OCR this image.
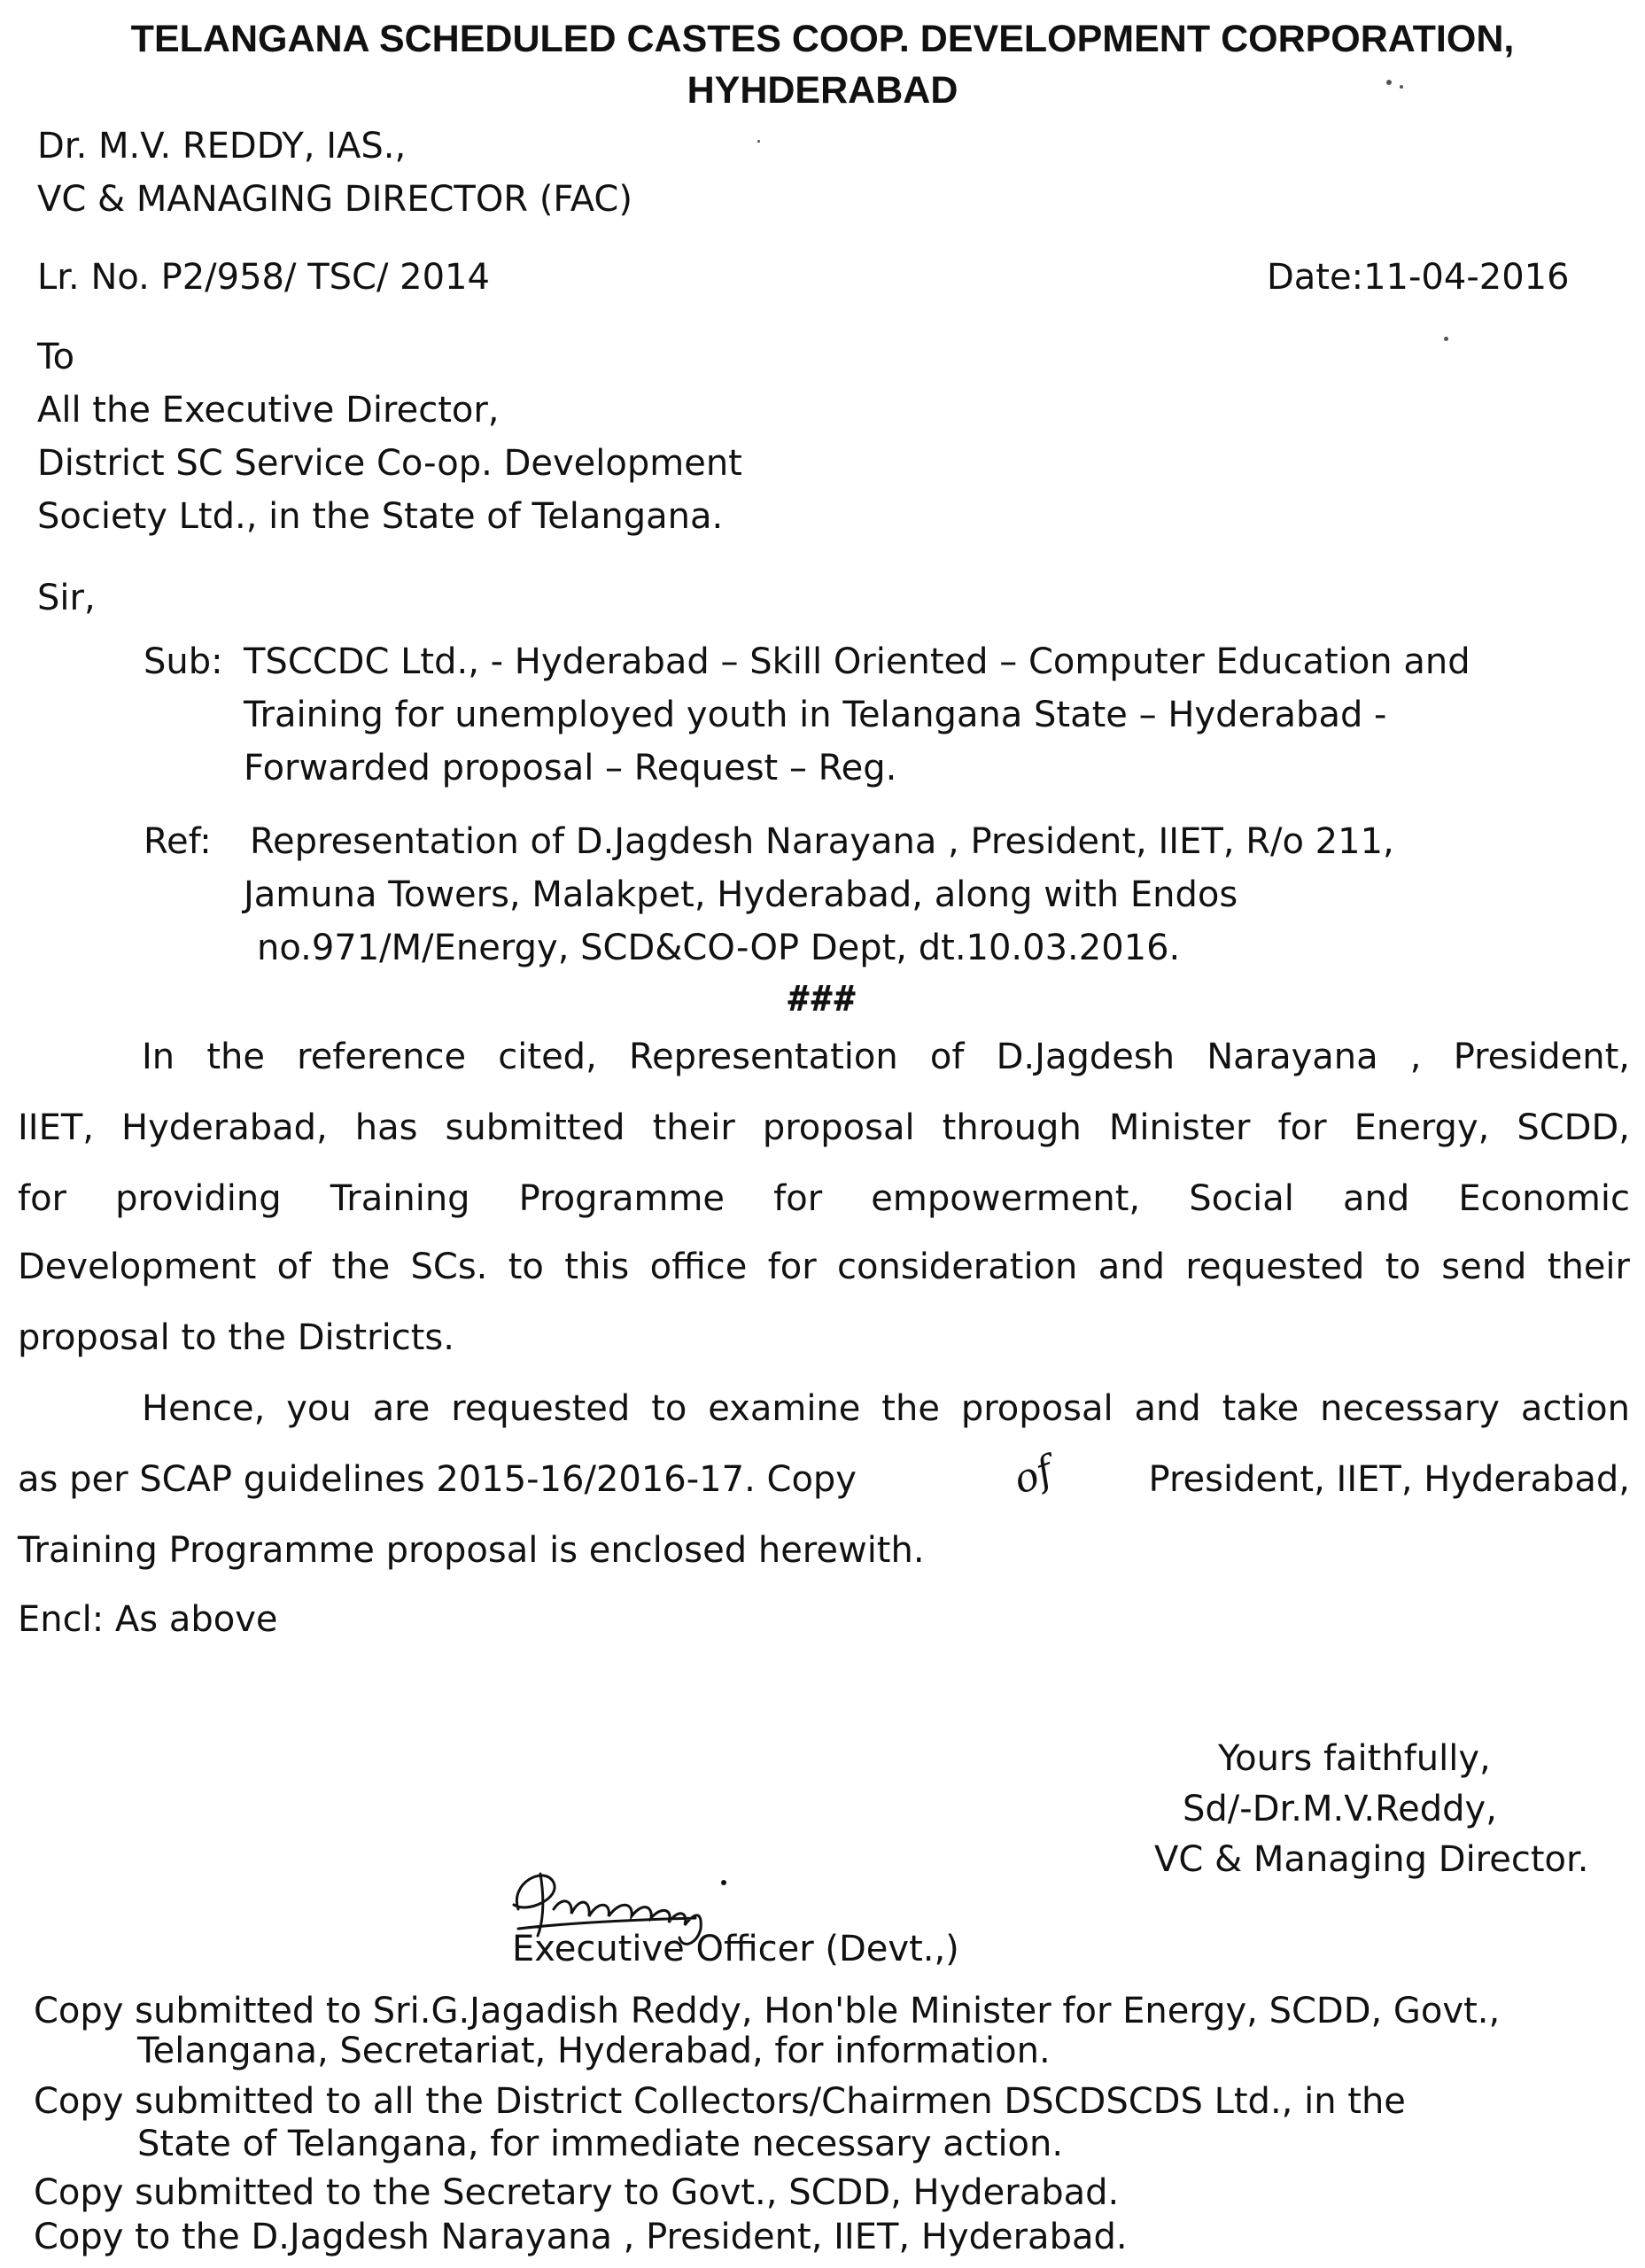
TELANGANA SCHEDULED CASTES COOP. DEVELOPMENT CORPORATION,
HYHDERABAD
Dr. M.V. REDDY, IAS.,
VC & MANAGING DIRECTOR (FAC)
Lr. No. P2/958/ TSC/ 2014	Date:11-04-2016
To
All the Executive Director,
District SC Service Co-op. Development
Society Ltd., in the State of Telangana.
Sir,
Sub: TSCCDC Ltd., - Hyderabad – Skill Oriented – Computer Education and
Training for unemployed youth in Telangana State – Hyderabad -
Forwarded proposal – Request – Reg.
Ref: Representation of D.Jagdesh Narayana , President, IIET, R/o 211,
Jamuna Towers, Malakpet, Hyderabad, along with Endos
no.971/M/Energy, SCD&CO-OP Dept, dt.10.03.2016.
###
In the reference cited, Representation of D.Jagdesh Narayana , President,
IIET, Hyderabad, has submitted their proposal through Minister for Energy, SCDD,
for providing Training Programme for empowerment, Social and Economic
Development of the SCs. to this office for consideration and requested to send their
proposal to the Districts.
Hence, you are requested to examine the proposal and take necessary action
as per SCAP guidelines 2015-16/2016-17. Copy	of	President, IIET, Hyderabad,
Training Programme proposal is enclosed herewith.
Encl: As above
Yours faithfully,
Sd/-Dr.M.V.Reddy,
VC & Managing Director.
Executive Officer (Devt.,)
Copy submitted to Sri.G.Jagadish Reddy, Hon'ble Minister for Energy, SCDD, Govt.,
Telangana, Secretariat, Hyderabad, for information.
Copy submitted to all the District Collectors/Chairmen DSCDSCDS Ltd., in the
State of Telangana, for immediate necessary action.
Copy submitted to the Secretary to Govt., SCDD, Hyderabad.
Copy to the D.Jagdesh Narayana , President, IIET, Hyderabad.
